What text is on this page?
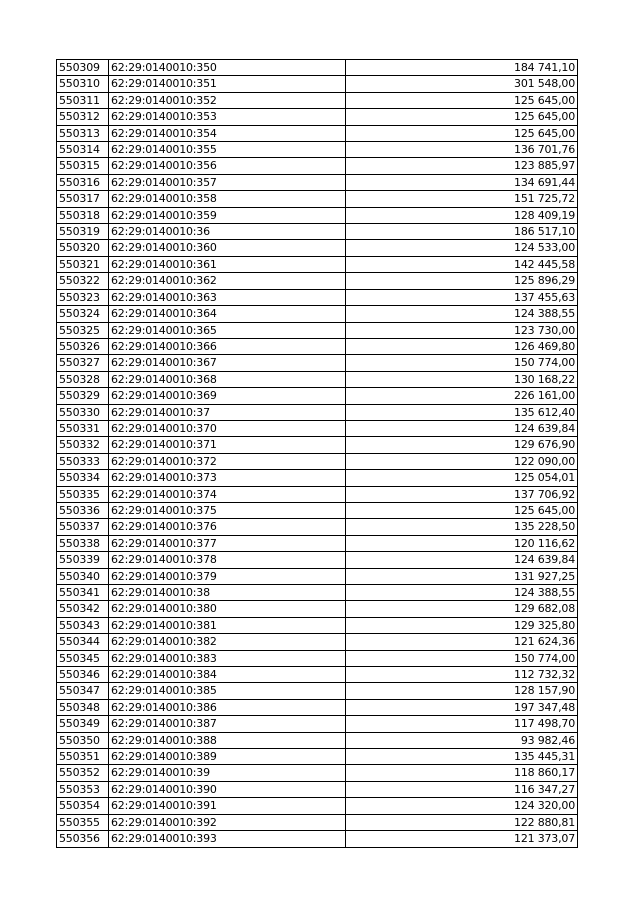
550309	62:29:0140010:350	184 741,10
550310	62:29:0140010:351	301 548,00
550311	62:29:0140010:352	125 645,00
550312	62:29:0140010:353	125 645,00
550313	62:29:0140010:354	125 645,00
550314	62:29:0140010:355	136 701,76
550315	62:29:0140010:356	123 885,97
550316	62:29:0140010:357	134 691,44
550317	62:29:0140010:358	151 725,72
550318	62:29:0140010:359	128 409,19
550319	62:29:0140010:36	186 517,10
550320	62:29:0140010:360	124 533,00
550321	62:29:0140010:361	142 445,58
550322	62:29:0140010:362	125 896,29
550323	62:29:0140010:363	137 455,63
550324	62:29:0140010:364	124 388,55
550325	62:29:0140010:365	123 730,00
550326	62:29:0140010:366	126 469,80
550327	62:29:0140010:367	150 774,00
550328	62:29:0140010:368	130 168,22
550329	62:29:0140010:369	226 161,00
550330	62:29:0140010:37	135 612,40
550331	62:29:0140010:370	124 639,84
550332	62:29:0140010:371	129 676,90
550333	62:29:0140010:372	122 090,00
550334	62:29:0140010:373	125 054,01
550335	62:29:0140010:374	137 706,92
550336	62:29:0140010:375	125 645,00
550337	62:29:0140010:376	135 228,50
550338	62:29:0140010:377	120 116,62
550339	62:29:0140010:378	124 639,84
550340	62:29:0140010:379	131 927,25
550341	62:29:0140010:38	124 388,55
550342	62:29:0140010:380	129 682,08
550343	62:29:0140010:381	129 325,80
550344	62:29:0140010:382	121 624,36
550345	62:29:0140010:383	150 774,00
550346	62:29:0140010:384	112 732,32
550347	62:29:0140010:385	128 157,90
550348	62:29:0140010:386	197 347,48
550349	62:29:0140010:387	117 498,70
550350	62:29:0140010:388	93 982,46
550351	62:29:0140010:389	135 445,31
550352	62:29:0140010:39	118 860,17
550353	62:29:0140010:390	116 347,27
550354	62:29:0140010:391	124 320,00
550355	62:29:0140010:392	122 880,81
550356	62:29:0140010:393	121 373,07
